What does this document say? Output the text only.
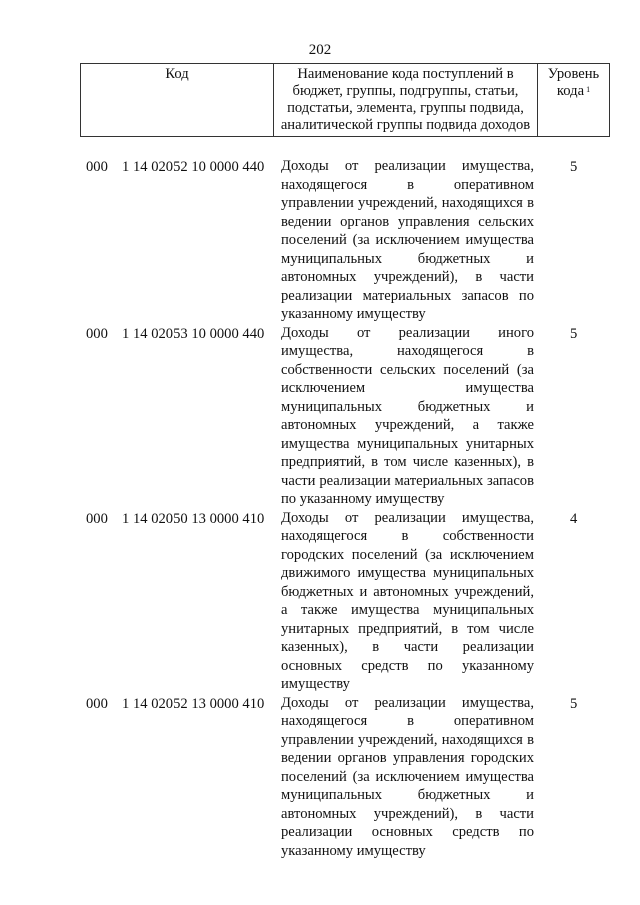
202
Код	Наименование кода поступлений в бюджет, группы, подгруппы, статьи, подстатьи, элемента, группы подвида, аналитической группы подвида доходов
Уровень кода $^1$
000 1 14 02052 10 0000 440 Доходы от реализации имущества, находящегося в оперативном управлении учреждений, находящихся в ведении органов управления сельских поселений (за исключением имущества муниципальных бюджетных и автономных учреждений), в части реализации материальных запасов по указанному имуществу
5
000 1 14 02053 10 0000 440 Доходы от реализации иного имущества, находящегося в собственности сельских поселений (за исключением имущества муниципальных бюджетных и автономных учреждений, а также имущества муниципальных унитарных предприятий, в том числе казенных), в части реализации материальных запасов по указанному имуществу
5
000 1 14 02050 13 0000 410 Доходы от реализации имущества, находящегося в собственности городских поселений (за исключением движимого имущества муниципальных бюджетных и автономных учреждений, а также имущества муниципальных унитарных предприятий, в том числе казенных), в части реализации основных средств по указанному имуществу
4
000 1 14 02052 13 0000 410 Доходы от реализации имущества, находящегося в оперативном управлении учреждений, находящихся в ведении органов управления городских поселений (за исключением имущества муниципальных бюджетных и автономных учреждений), в части реализации основных средств по указанному имуществу
5
